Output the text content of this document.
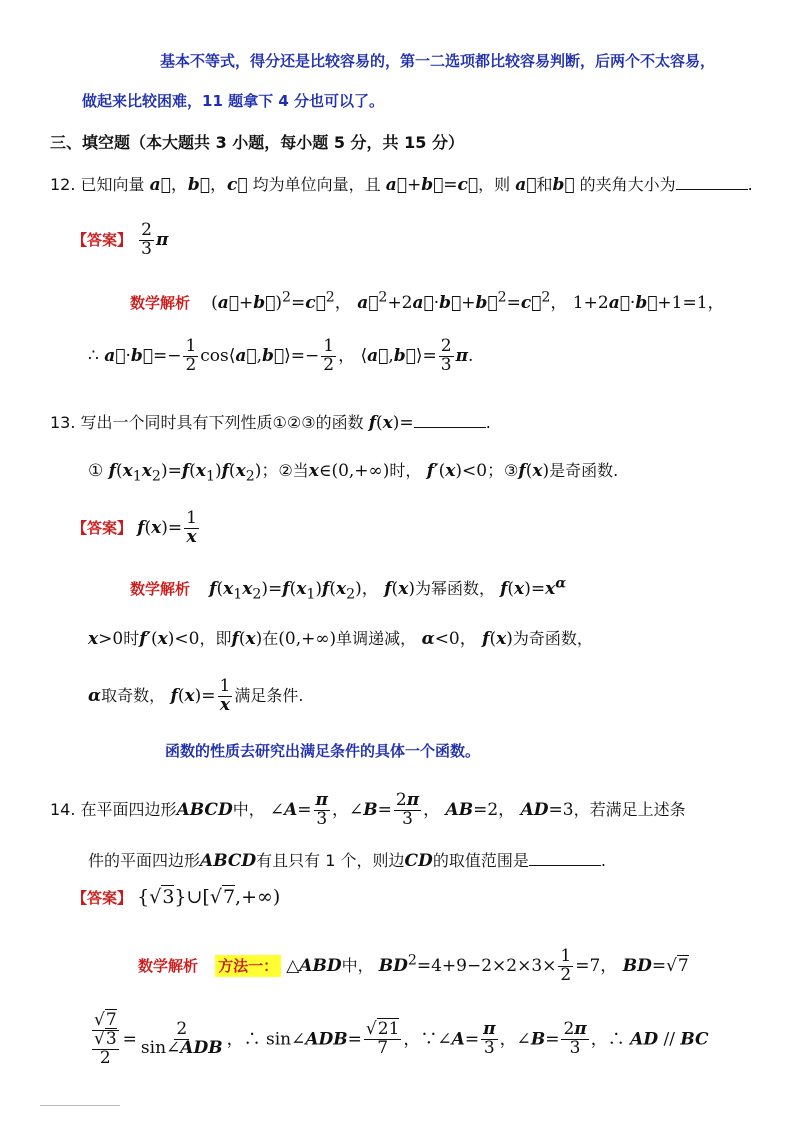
基本不等式，得分还是比较容易的，第一二选项都比较容易判断，后两个不太容易，
做起来比较困难，11 题拿下 4 分也可以了。
三、填空题（本大题共 3 小题，每小题 5 分，共 15 分）
12. 已知向量 a⃗，b⃗，c⃗ 均为单位向量，且 a⃗+b⃗=c⃗，则 a⃗和b⃗ 的夹角大小为	.
【答案】 $\frac{2}{3}$ π
数学解析 (a⃗+b⃗)$^2$=c⃗$^2$， a⃗$^2$+2a⃗·b⃗+b⃗$^2$=c⃗$^2$， 1+2a⃗·b⃗+1=1，
∴ a⃗·b⃗=− $\frac{1}{2}$ cos⟨a⃗,b⃗⟩=− $\frac{1}{2}$ ， ⟨a⃗,b⃗⟩= $\frac{2}{3} \pi$.
13. 写出一个同时具有下列性质①②③的函数 f(x)=	.
① $f(x_1x_2)=f(x_1)f(x_2)$；②当x∈(0,+∞)时， f′(x)<0；③f(x)是奇函数.
【答案】 $f(x)= \frac{1}{x}$
数学解析 $f(x_1x_2)=f(x_1)f(x_2)$， f(x)为幂函数， $f(x)=x^\alpha$
x>0时f′(x)<0，即f(x)在(0,+∞)单调递减， α<0， f(x)为奇函数，
α取奇数， $f(x)= \frac{1}{x}$ 满足条件.
函数的性质去研究出满足条件的具体一个函数。
14. 在平面四边形ABCD中， ∠A= $\frac{\pi}{3}$ ，∠B= $\frac{2\pi}{3}$ ， AB=2， AD=3，若满足上述条
件的平面四边形ABCD有且只有 1 个，则边CD的取值范围是	.
【答案】 {√3}∪[√7,+∞)
数学解析 方法一： △ABD中， $BD^2=4+9-2\times 2\times 3\times \frac{1}{2} =7$， BD=√7
$\frac{√7}{\frac{√3}{2}} = \frac{2}{\text{sin∠ADB}}$ ，∴ sin∠ADB= $\frac{√21}{7}$ ，∵∠A= $\frac{\pi}{3}$ ，∠B= $\frac{2\pi}{3}$ ，∴ AD // BC
